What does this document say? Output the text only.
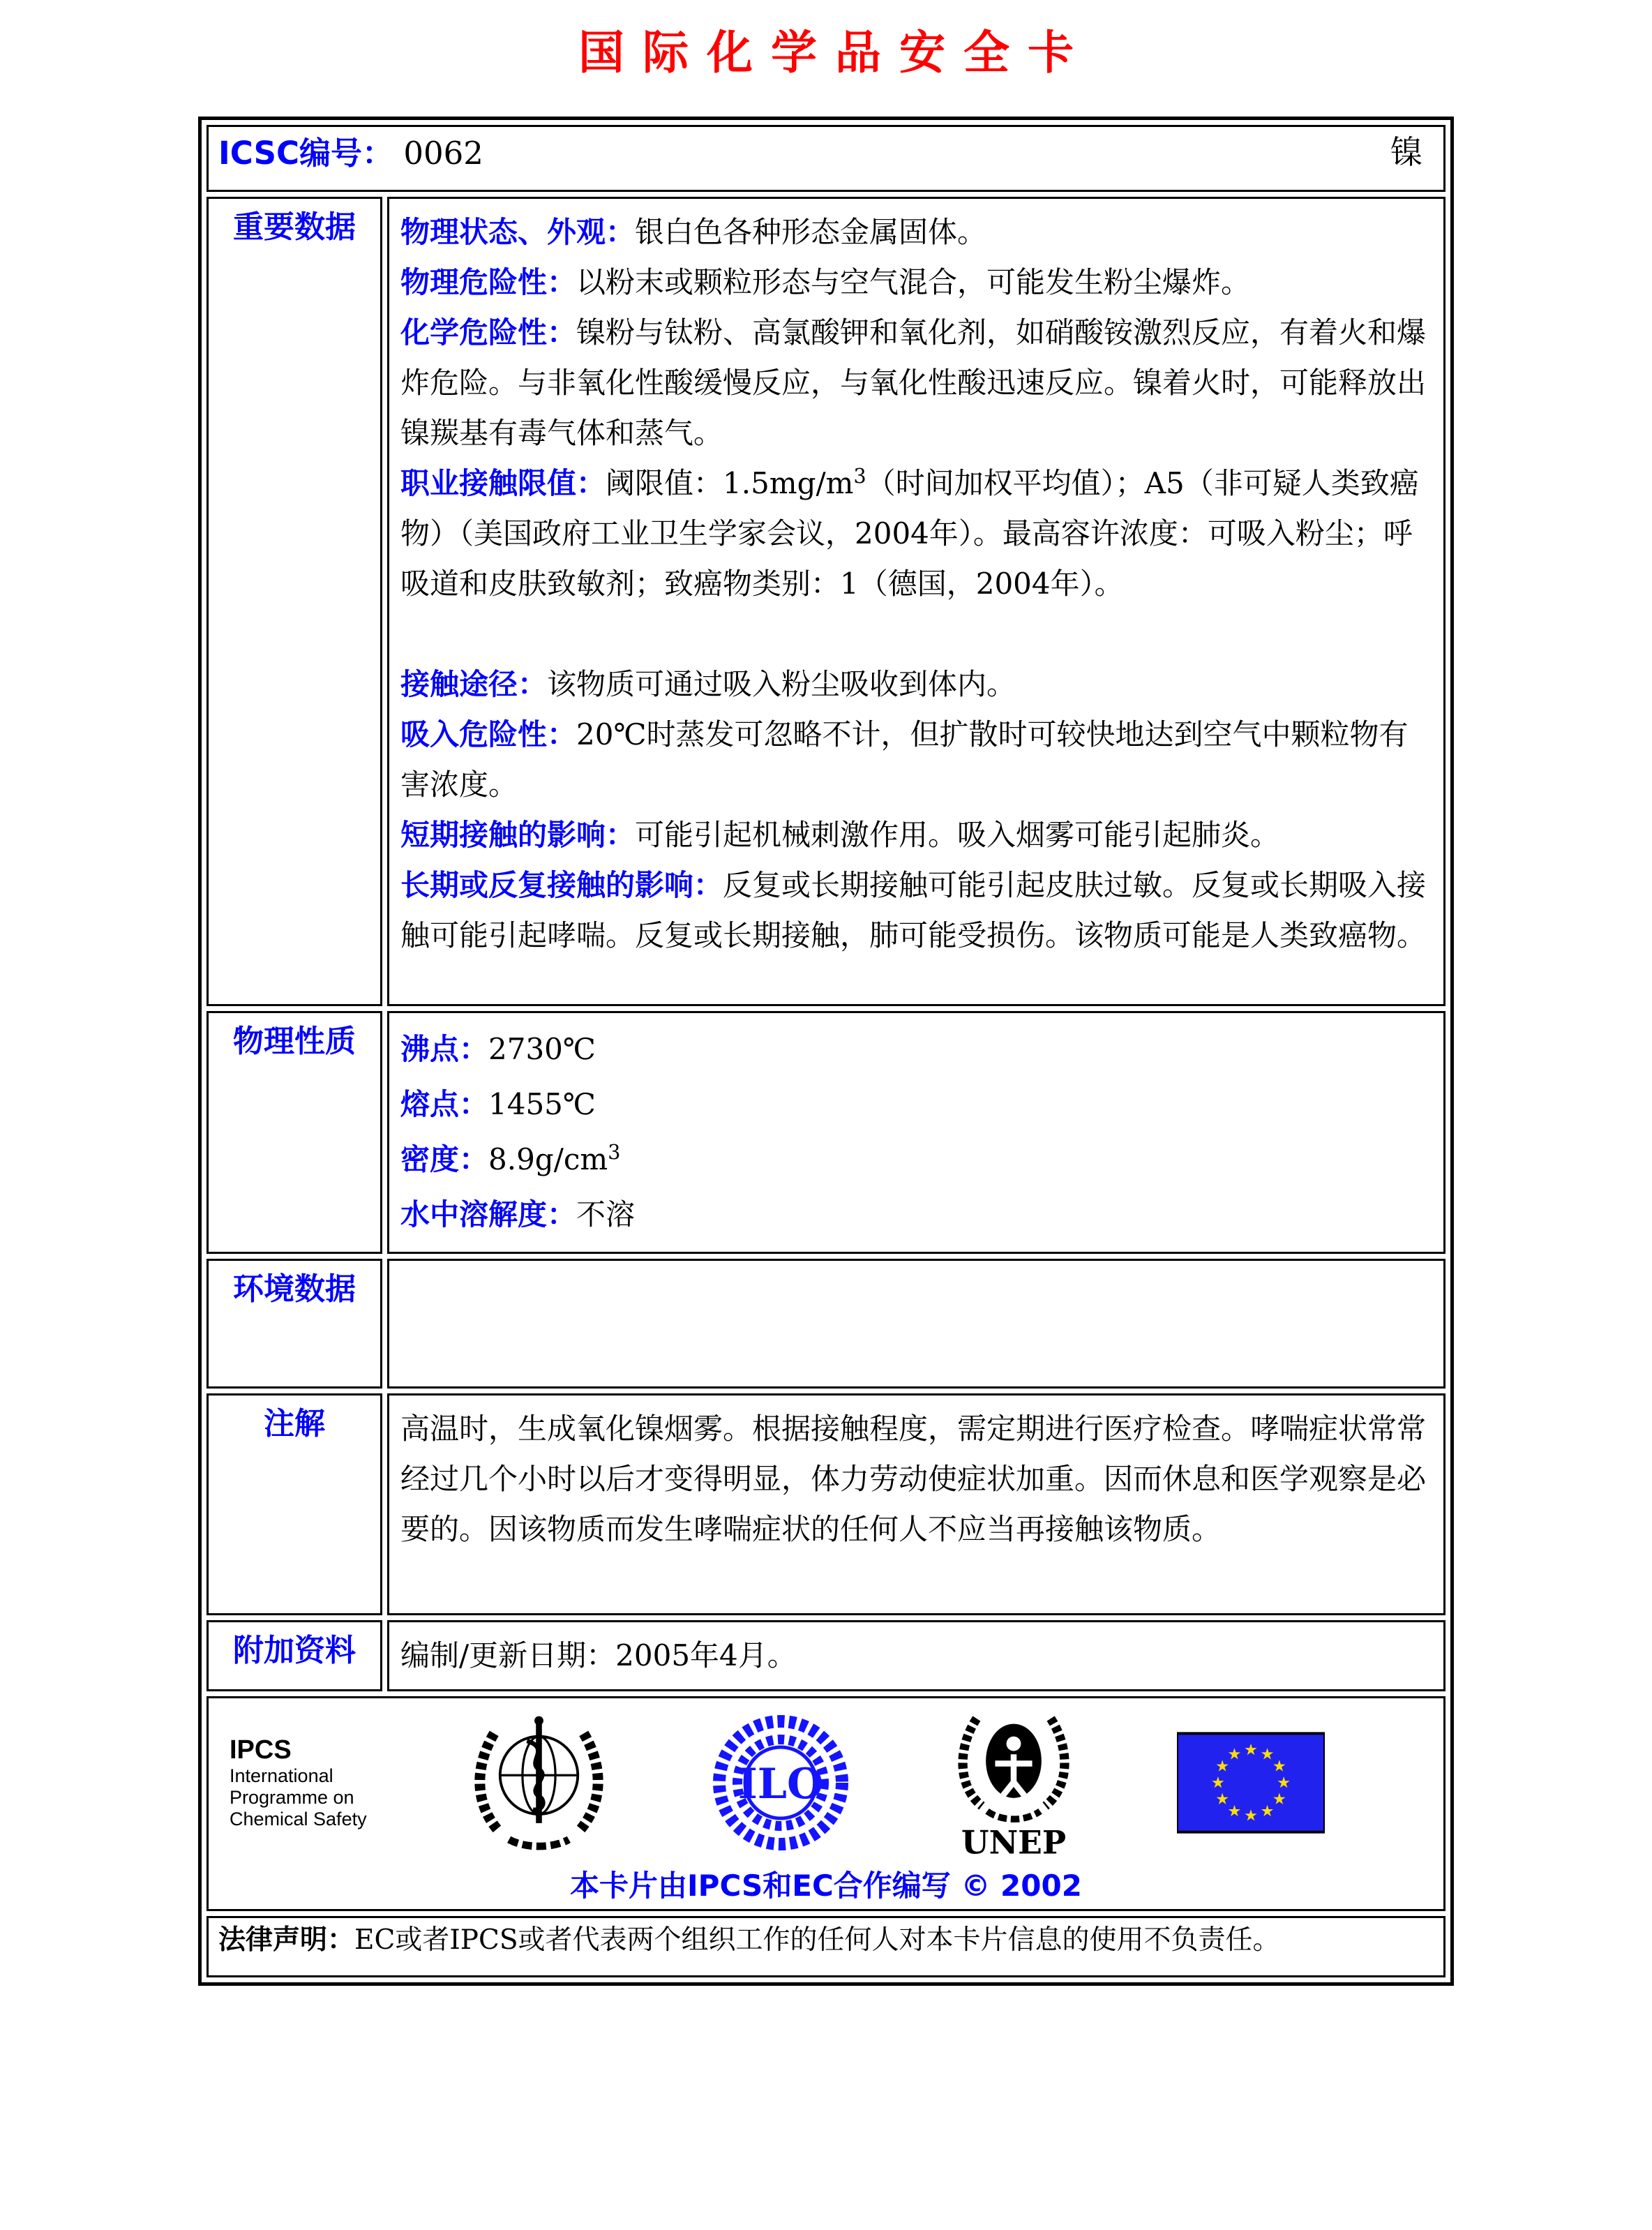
国际化学品安全卡
ICSC编号： 0062 镍	

重要数据	物理状态、外观：银白色各种形态金属固体。

物理危险性：以粉末或颗粒形态与空气混合，可能发生粉尘爆炸。

化学危险性：镍粉与钛粉、高氯酸钾和氧化剂，如硝酸铵激烈反应，有着火和爆炸危险。与非氧化性酸缓慢反应，与氧化性酸迅速反应。镍着火时，可能释放出镍羰基有毒气体和蒸气。

职业接触限值：阈限值：$1.5mg/m^3$（时间加权平均值）；A5（非可疑人类致癌物）（美国政府工业卫生学家会议，2004年）。最高容许浓度：可吸入粉尘；呼吸道和皮肤致敏剂；致癌物类别：1（德国，2004年）。

接触途径：该物质可通过吸入粉尘吸收到体内。

吸入危险性：20℃时蒸发可忽略不计，但扩散时可较快地达到空气中颗粒物有害浓度。

短期接触的影响：可能引起机械刺激作用。吸入烟雾可能引起肺炎。

长期或反复接触的影响：反复或长期接触可能引起皮肤过敏。反复或长期吸入接触可能引起哮喘。反复或长期接触，肺可能受损伤。该物质可能是人类致癌物。

物理性质	沸点：2730℃

熔点：1455℃

密度：$8.9g/cm^3$

水中溶解度：不溶

环境数据	
注解	高温时，生成氧化镍烟雾。根据接触程度，需定期进行医疗检查。哮喘症状常常经过几个小时以后才变得明显，体力劳动使症状加重。因而休息和医学观察是必要的。因该物质而发生哮喘症状的任何人不应当再接触该物质。
附加资料	编制/更新日期：2005年4月。

IPCS
International
Programme on
Chemical Safety
ILO
UNEP
本卡片由IPCS和EC合作编写 © 2002

法律声明：EC或者IPCS或者代表两个组织工作的任何人对本卡片信息的使用不负责任。	
